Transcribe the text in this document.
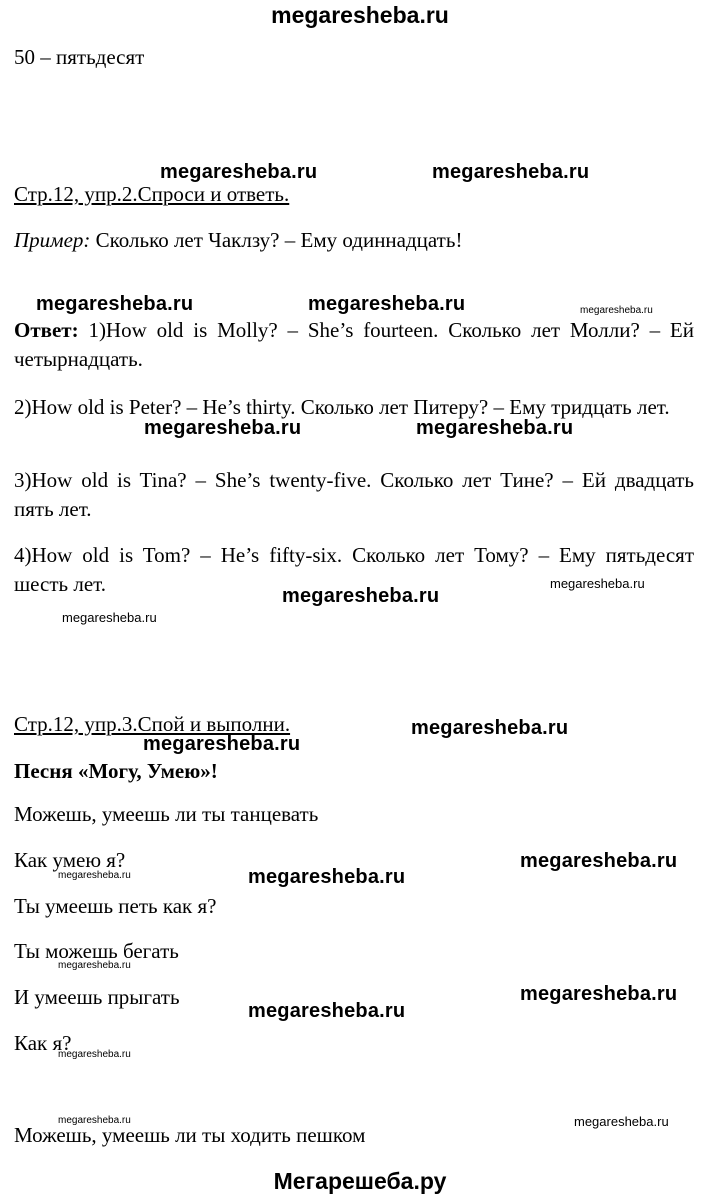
megaresheba.ru
50 – пятьдесят
Стр.12, упр.2.Спроси и ответь.
Пример: Сколько лет Чаклзу? – Ему одиннадцать!
Ответ: 1)How old is Molly? – She’s fourteen. Сколько лет Молли? – Ей четырнадцать.
2)How old is Peter? – He’s thirty. Сколько лет Питеру? – Ему тридцать лет.
3)How old is Tina? – She’s twenty-five. Сколько лет Тине? – Ей двадцать пять лет.
4)How old is Tom? – He’s fifty-six. Сколько лет Тому? – Ему пятьдесят шесть лет.
Стр.12, упр.3.Спой и выполни.
Песня «Могу, Умею»!
Можешь, умеешь ли ты танцевать
Как умею я?
Ты умеешь петь как я?
Ты можешь бегать
И умеешь прыгать
Как я?
Можешь, умеешь ли ты ходить пешком
megaresheba.ru	megaresheba.ru
megaresheba.ru	megaresheba.ru	megaresheba.ru
megaresheba.ru	megaresheba.ru
megaresheba.ru
megaresheba.ru
megaresheba.ru
megaresheba.ru
megaresheba.ru
megaresheba.ru
megaresheba.ru
megaresheba.ru
megaresheba.ru
megaresheba.ru
megaresheba.ru
megaresheba.ru
megaresheba.ru	megaresheba.ru
Мегарешеба.ру
